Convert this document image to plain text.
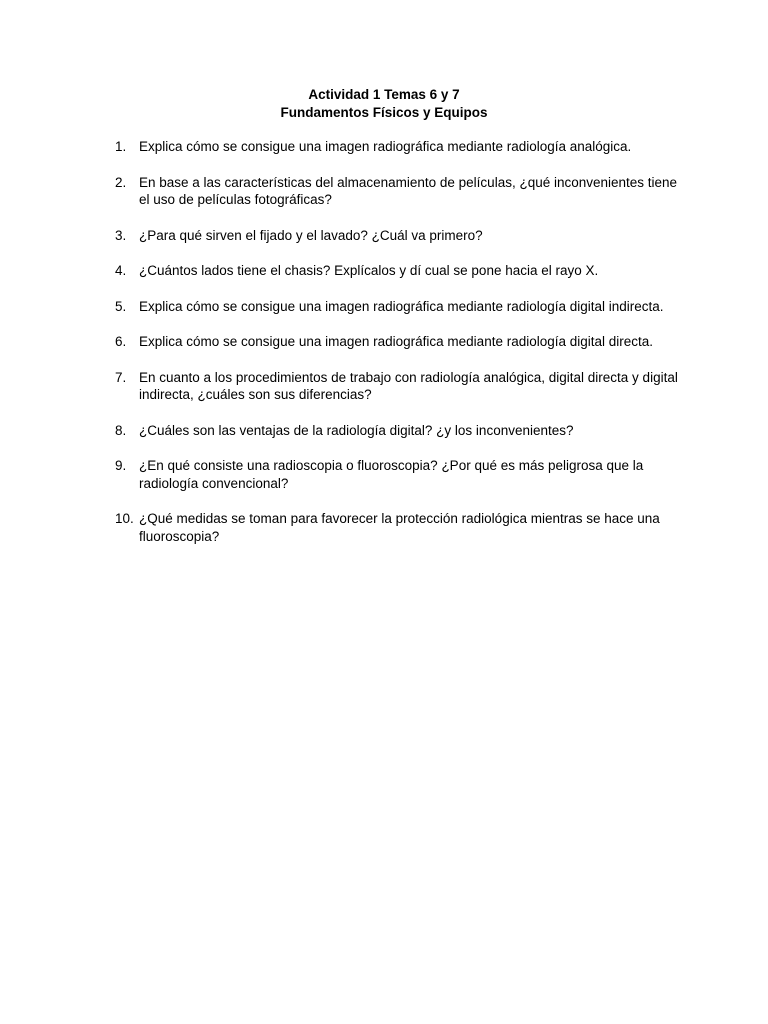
Actividad 1 Temas 6 y 7
Fundamentos Físicos y Equipos
1. Explica cómo se consigue una imagen radiográfica mediante radiología analógica.
2. En base a las características del almacenamiento de películas, ¿qué inconvenientes tiene el uso de películas fotográficas?
3. ¿Para qué sirven el fijado y el lavado? ¿Cuál va primero?
4. ¿Cuántos lados tiene el chasis? Explícalos y dí cual se pone hacia el rayo X.
5. Explica cómo se consigue una imagen radiográfica mediante radiología digital indirecta.
6. Explica cómo se consigue una imagen radiográfica mediante radiología digital directa.
7. En cuanto a los procedimientos de trabajo con radiología analógica, digital directa y digital indirecta, ¿cuáles son sus diferencias?
8. ¿Cuáles son las ventajas de la radiología digital? ¿y los inconvenientes?
9. ¿En qué consiste una radioscopia o fluoroscopia? ¿Por qué es más peligrosa que la radiología convencional?
10. ¿Qué medidas se toman para favorecer la protección radiológica mientras se hace una fluoroscopia?
